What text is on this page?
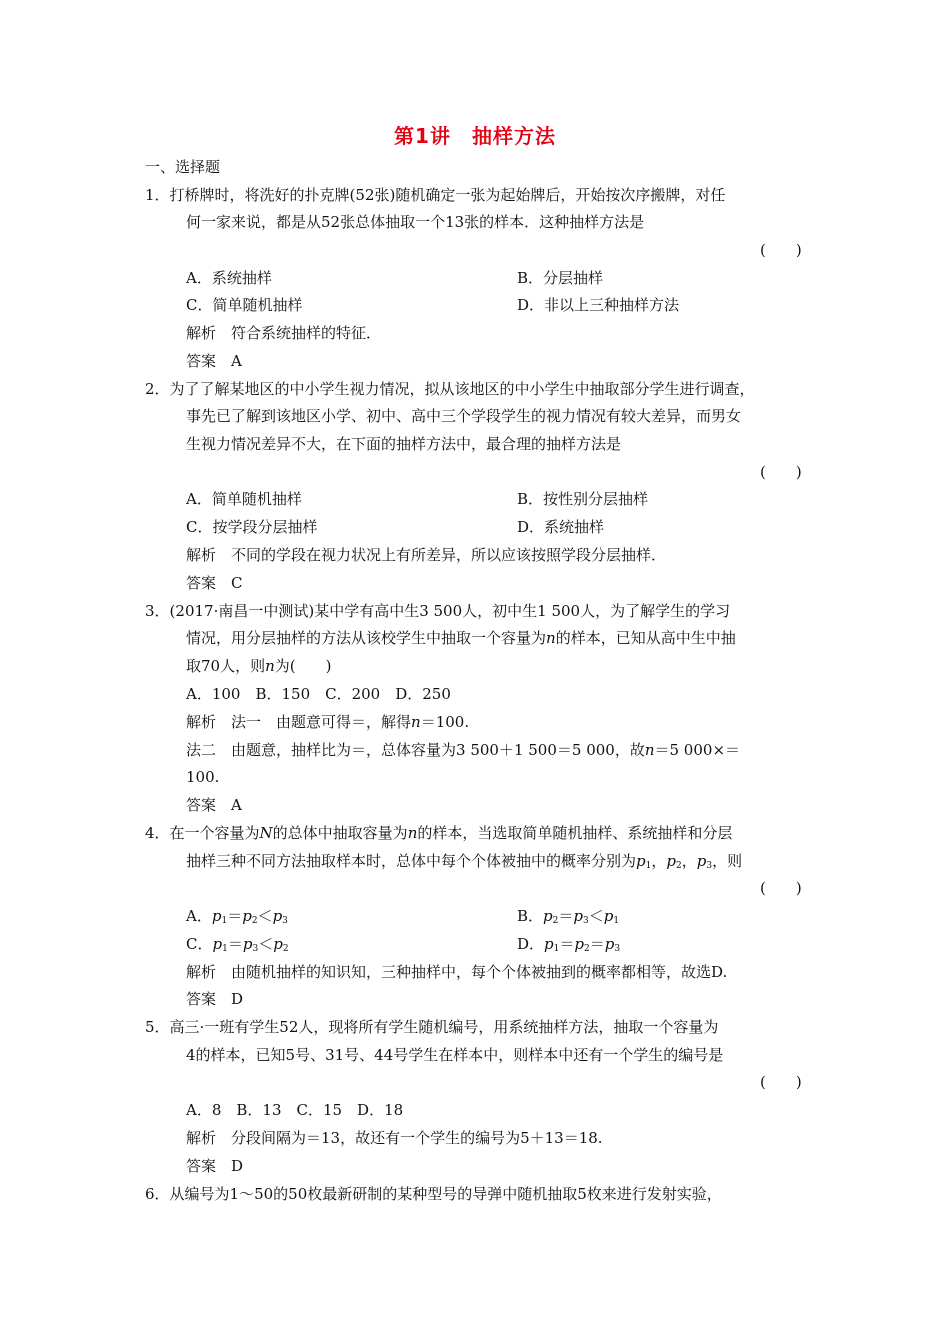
第1讲　抽样方法
一、选择题
1．打桥牌时，将洗好的扑克牌(52张)随机确定一张为起始牌后，开始按次序搬牌，对任
何一家来说，都是从52张总体抽取一个13张的样本．这种抽样方法是
(　　)
A．系统抽样	B．分层抽样
C．简单随机抽样	D．非以上三种抽样方法
解析　符合系统抽样的特征．
答案　A
2．为了了解某地区的中小学生视力情况，拟从该地区的中小学生中抽取部分学生进行调查，
事先已了解到该地区小学、初中、高中三个学段学生的视力情况有较大差异，而男女
生视力情况差异不大，在下面的抽样方法中，最合理的抽样方法是
(　　)
A．简单随机抽样	B．按性别分层抽样
C．按学段分层抽样	D．系统抽样
解析　不同的学段在视力状况上有所差异，所以应该按照学段分层抽样．
答案　C
3．(2017·南昌一中测试)某中学有高中生3 500人，初中生1 500人，为了解学生的学习
情况，用分层抽样的方法从该校学生中抽取一个容量为n的样本，已知从高中生中抽
取70人，则n为(　　)
A．100　B．150　C．200　D．250
解析　法一　由题意可得＝，解得n＝100.
法二　由题意，抽样比为＝，总体容量为3 500＋1 500＝5 000，故n＝5 000×＝
100.
答案　A
4．在一个容量为N的总体中抽取容量为n的样本，当选取简单随机抽样、系统抽样和分层
抽样三种不同方法抽取样本时，总体中每个个体被抽中的概率分别为$p_1$，$p_2$，$p_3$，则
(　　)
A．$p_1=p_2<p_3$	B．$p_2=p_3<p_1$
C．$p_1=p_3<p_2$	D．$p_1=p_2=p_3$
解析　由随机抽样的知识知，三种抽样中，每个个体被抽到的概率都相等，故选D.
答案　D
5．高三·一班有学生52人，现将所有学生随机编号，用系统抽样方法，抽取一个容量为
4的样本，已知5号、31号、44号学生在样本中，则样本中还有一个学生的编号是
(　　)
A．8　B．13　C．15　D．18
解析　分段间隔为＝13，故还有一个学生的编号为5＋13＝18.
答案　D
6．从编号为1～50的50枚最新研制的某种型号的导弹中随机抽取5枚来进行发射实验，
